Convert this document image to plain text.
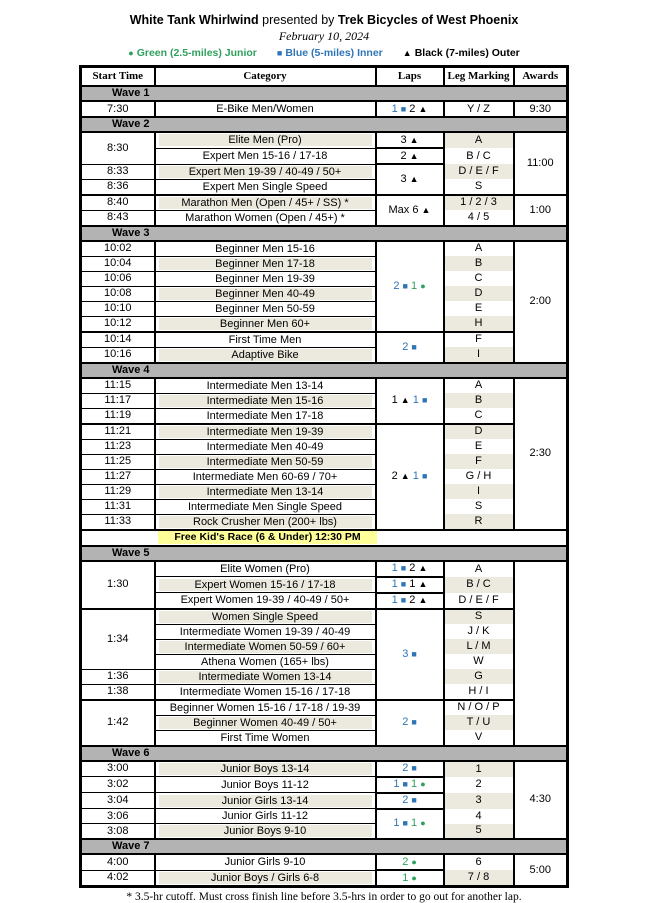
White Tank Whirlwind presented by Trek Bicycles of West Phoenix
February 10, 2024
● Green (2.5-miles) Junior ■ Blue (5-miles) Inner ▲ Black (7-miles) Outer
Start Time	Category	Laps	Leg Marking	Awards
Wave 1				
7:30	E-Bike Men/Women	1 ■ 2 ▲	Y / Z	9:30
Wave 2				
8:30	Elite Men (Pro)	3 ▲	A	11:00

	Expert Men 15-16 / 17-18	2 ▲	B / C	
8:33	Expert Men 19-39 / 40-49 / 50+	3 ▲	D / E / F	
8:36	Expert Men Single Speed		S	
8:40	Marathon Men (Open / 45+ / SS) *	Max 6 ▲	1 / 2 / 3	1:00
8:43	Marathon Women (Open / 45+) *		4 / 5	
Wave 3				
10:02	Beginner Men 15-16	2 ■ 1 ●	A	2:00
10:04	Beginner Men 17-18		B	
10:06	Beginner Men 19-39		C	
10:08	Beginner Men 40-49		D	
10:10	Beginner Men 50-59		E	
10:12	Beginner Men 60+		H	
10:14	First Time Men	2 ■	F	
10:16	Adaptive Bike		I	
Wave 4				
11:15	Intermediate Men 13-14	1 ▲ 1 ■	A	2:30
11:17	Intermediate Men 15-16		B	
11:19	Intermediate Men 17-18		C	
11:21	Intermediate Men 19-39	2 ▲ 1 ■	D	
11:23	Intermediate Men 40-49		E	
11:25	Intermediate Men 50-59		F	
11:27	Intermediate Men 60-69 / 70+		G / H	
11:29	Intermediate Men 13-14		I	
11:31	Intermediate Men Single Speed		S	
11:33	Rock Crusher Men (200+ lbs)		R	

Free Kid's Race (6 & Under) 12:30 PM				

Wave 5				
1:30	Elite Women (Pro)	1 ■ 2 ▲	A	

	Expert Women 15-16 / 17-18	1 ■ 1 ▲	B / C	

	Expert Women 19-39 / 40-49 / 50+	1 ■ 2 ▲	D / E / F	
1:34	Women Single Speed	3 ■	S	

	Intermediate Women 19-39 / 40-49		J / K	

	Intermediate Women 50-59 / 60+		L / M	

	Athena Women (165+ lbs)		W	
1:36	Intermediate Women 13-14		G	
1:38	Intermediate Women 15-16 / 17-18		H / I	
1:42	Beginner Women 15-16 / 17-18 / 19-39	2 ■	N / O / P	

	Beginner Women 40-49 / 50+		T / U	

	First Time Women		V	
Wave 6				
3:00	Junior Boys 13-14	2 ■	1	4:30
3:02	Junior Boys 11-12	1 ■ 1 ●	2	
3:04	Junior Girls 13-14	2 ■	3	
3:06	Junior Girls 11-12	1 ■ 1 ●	4	
3:08	Junior Boys 9-10		5	
Wave 7				
4:00	Junior Girls 9-10	2 ●	6	5:00
4:02	Junior Boys / Girls 6-8	1 ●	7 / 8	
* 3.5-hr cutoff. Must cross finish line before 3.5-hrs in order to go out for another lap.
